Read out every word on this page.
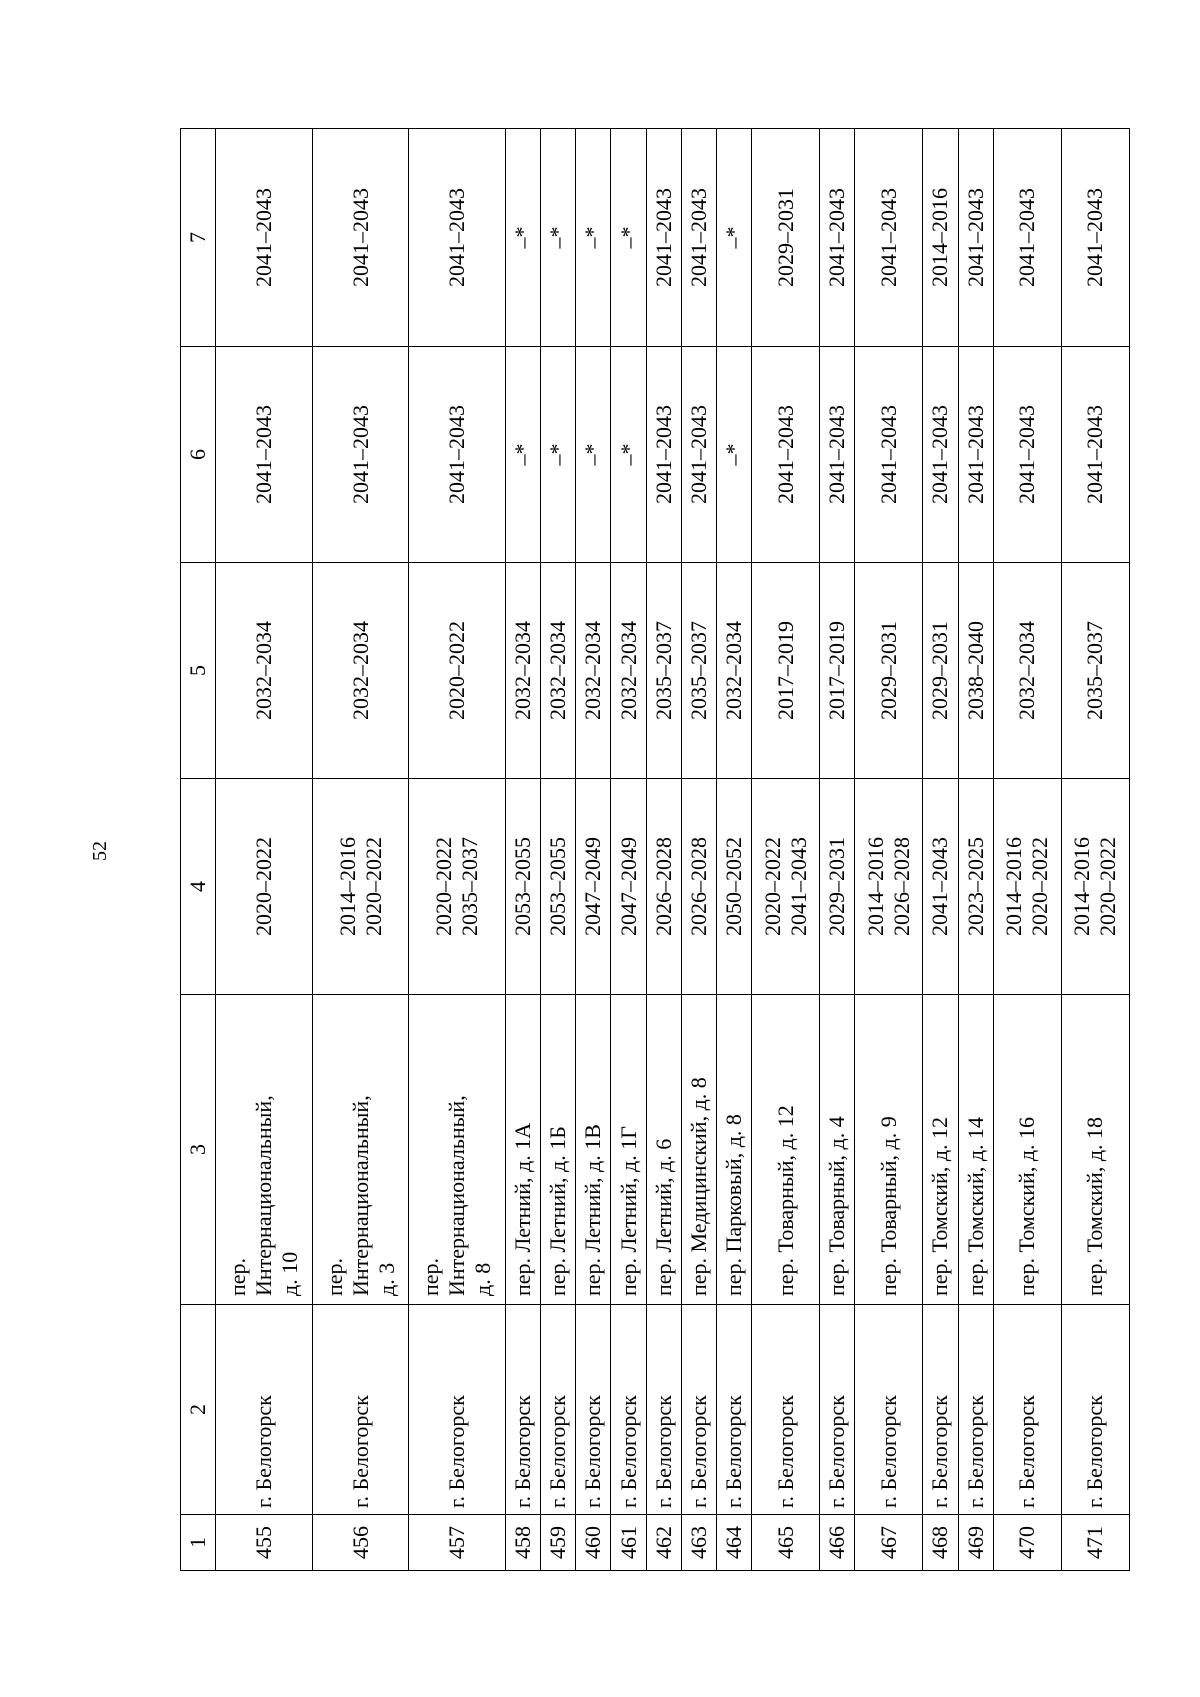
52
1	2	3	4	5	6	7
455	г. Белогорск	пер. Интернациональный, д. 10	2020–2022	2032–2034	2041–2043	2041–2043
456	г. Белогорск	пер. Интернациональный, д. 3	2014–2016 2020–2022	2032–2034	2041–2043	2041–2043
457	г. Белогорск	пер. Интернациональный, д. 8	2020–2022 2035–2037	2020–2022	2041–2043	2041–2043
458	г. Белогорск	пер. Летний, д. 1А	2053–2055	2032–2034	–*	–*
459	г. Белогорск	пер. Летний, д. 1Б	2053–2055	2032–2034	–*	–*
460	г. Белогорск	пер. Летний, д. 1В	2047–2049	2032–2034	–*	–*
461	г. Белогорск	пер. Летний, д. 1Г	2047–2049	2032–2034	–*	–*
462	г. Белогорск	пер. Летний, д. 6	2026–2028	2035–2037	2041–2043	2041–2043
463	г. Белогорск	пер. Медицинский, д. 8	2026–2028	2035–2037	2041–2043	2041–2043
464	г. Белогорск	пер. Парковый, д. 8	2050–2052	2032–2034	–*	–*
465	г. Белогорск	пер. Товарный, д. 12	2020–2022 2041–2043	2017–2019	2041–2043	2029–2031
466	г. Белогорск	пер. Товарный, д. 4	2029–2031	2017–2019	2041–2043	2041–2043
467	г. Белогорск	пер. Товарный, д. 9	2014–2016 2026–2028	2029–2031	2041–2043	2041–2043
468	г. Белогорск	пер. Томский, д. 12	2041–2043	2029–2031	2041–2043	2014–2016
469	г. Белогорск	пер. Томский, д. 14	2023–2025	2038–2040	2041–2043	2041–2043
470	г. Белогорск	пер. Томский, д. 16	2014–2016 2020–2022	2032–2034	2041–2043	2041–2043
471	г. Белогорск	пер. Томский, д. 18	2014–2016 2020–2022	2035–2037	2041–2043	2041–2043
